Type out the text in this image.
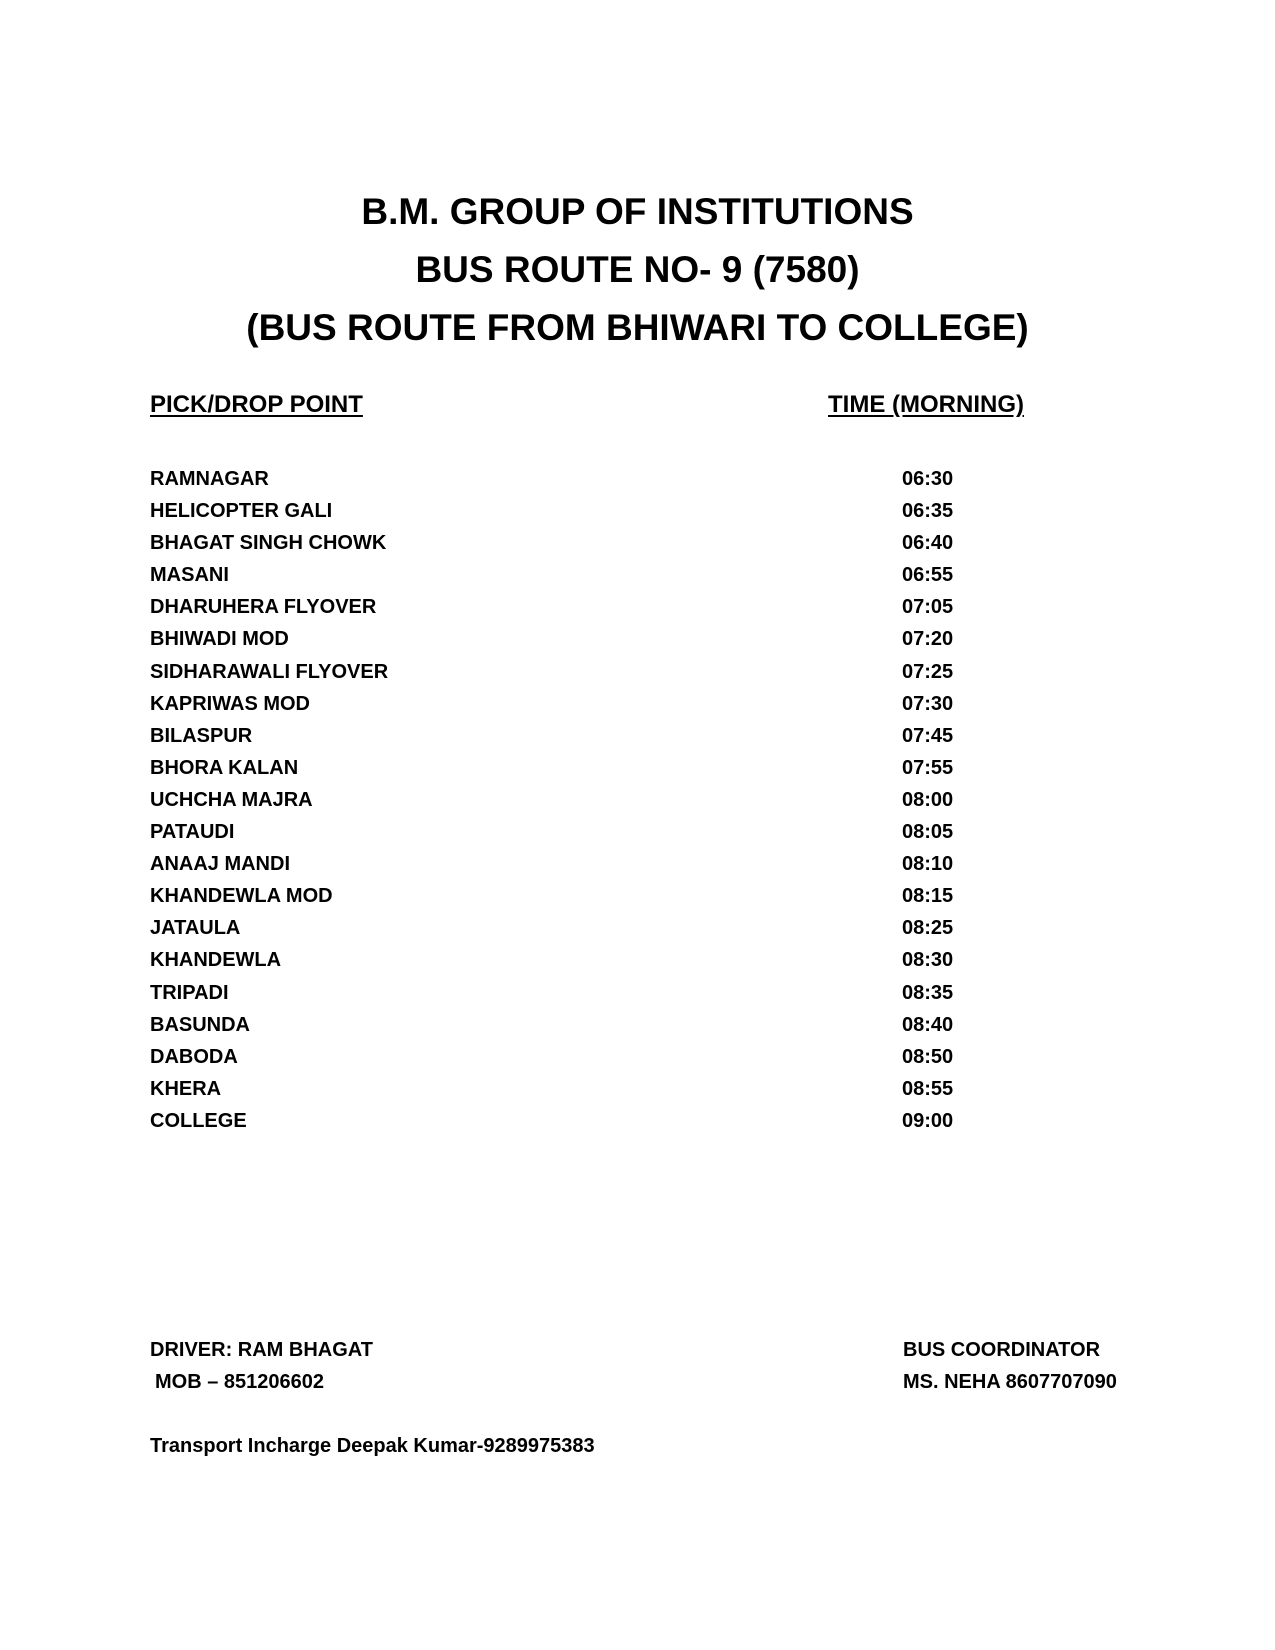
B.M. GROUP OF INSTITUTIONS
BUS ROUTE NO- 9 (7580)
(BUS ROUTE FROM BHIWARI TO COLLEGE)
PICK/DROP POINT	TIME (MORNING)
RAMNAGAR	06:30
HELICOPTER GALI	06:35
BHAGAT SINGH CHOWK	06:40
MASANI	06:55
DHARUHERA FLYOVER	07:05
BHIWADI MOD	07:20
SIDHARAWALI FLYOVER	07:25
KAPRIWAS MOD	07:30
BILASPUR	07:45
BHORA KALAN	07:55
UCHCHA MAJRA	08:00
PATAUDI	08:05
ANAAJ MANDI	08:10
KHANDEWLA MOD	08:15
JATAULA	08:25
KHANDEWLA	08:30
TRIPADI	08:35
BASUNDA	08:40
DABODA	08:50
KHERA	08:55
COLLEGE	09:00
DRIVER: RAM BHAGAT
MOB – 851206602
BUS COORDINATOR
MS. NEHA 8607707090
Transport Incharge Deepak Kumar-9289975383
